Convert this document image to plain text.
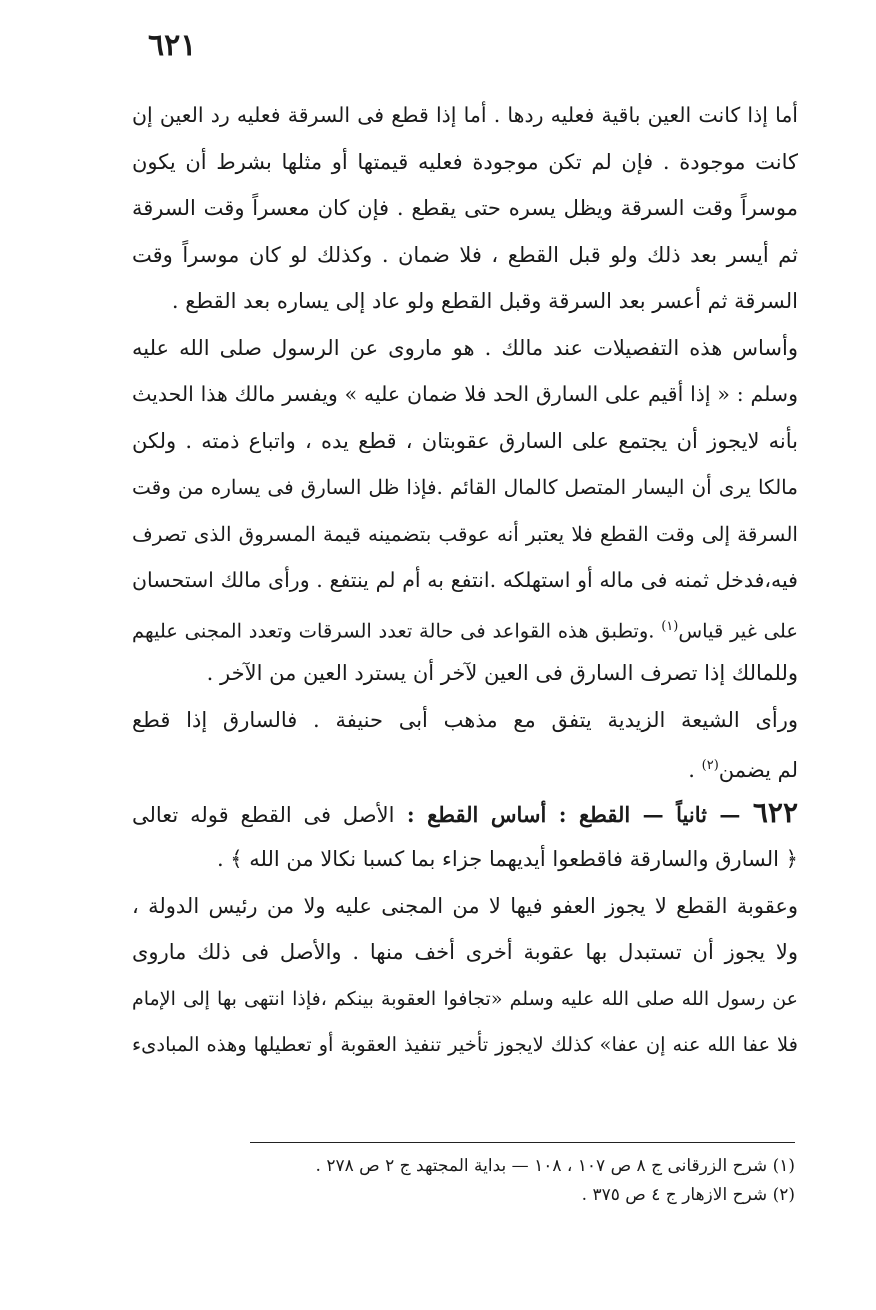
٦٢١
أما إذا كانت العين باقية فعليه ردها . أما إذا قطع فى السرقة فعليه رد العين إن
كانت موجودة . فإن لم تكن موجودة فعليه قيمتها أو مثلها بشرط أن يكون
موسراً وقت السرقة ويظل يسره حتى يقطع . فإن كان معسراً وقت السرقة
ثم أيسر بعد ذلك ولو قبل القطع ، فلا ضمان . وكذلك لو كان موسراً وقت
السرقة ثم أعسر بعد السرقة وقبل القطع ولو عاد إلى يساره بعد القطع .
وأساس هذه التفصيلات عند مالك . هو ماروى عن الرسول صلى الله عليه
وسلم : « إذا أقيم على السارق الحد فلا ضمان عليه » ويفسر مالك هذا الحديث
بأنه لايجوز أن يجتمع على السارق عقوبتان ، قطع يده ، واتباع ذمته . ولكن
مالكا يرى أن اليسار المتصل كالمال القائم .فإذا ظل السارق فى يساره من وقت
السرقة إلى وقت القطع فلا يعتبر أنه عوقب بتضمينه قيمة المسروق الذى تصرف
فيه،فدخل ثمنه فى ماله أو استهلكه .انتفع به أم لم ينتفع . ورأى مالك استحسان
على غير قياس$^{(١)}$ .وتطبق هذه القواعد فى حالة تعدد السرقات وتعدد المجنى عليهم
وللمالك إذا تصرف السارق فى العين لآخر أن يسترد العين من الآخر .
ورأى الشيعة الزيدية يتفق مع مذهب أبى حنيفة . فالسارق إذا قطع
لم يضمن$^{(٢)}$ .
٦٢٢ — ثانياً — القطع : أساس القطع : الأصل فى القطع قوله تعالى
﴿ السارق والسارقة فاقطعوا أيديهما جزاء بما كسبا نكالا من الله ﴾ .
وعقوبة القطع لا يجوز العفو فيها لا من المجنى عليه ولا من رئيس الدولة ،
ولا يجوز أن تستبدل بها عقوبة أخرى أخف منها . والأصل فى ذلك ماروى
عن رسول الله صلى الله عليه وسلم «تجافوا العقوبة بينكم ،فإذا انتهى بها إلى الإمام
فلا عفا الله عنه إن عفا» كذلك لايجوز تأخير تنفيذ العقوبة أو تعطيلها وهذه المبادىء
(١) شرح الزرقانى ج ٨ ص ١٠٧ ، ١٠٨ — بداية المجتهد ج ٢ ص ٢٧٨ .
(٢) شرح الازهار ج ٤ ص ٣٧٥ .
